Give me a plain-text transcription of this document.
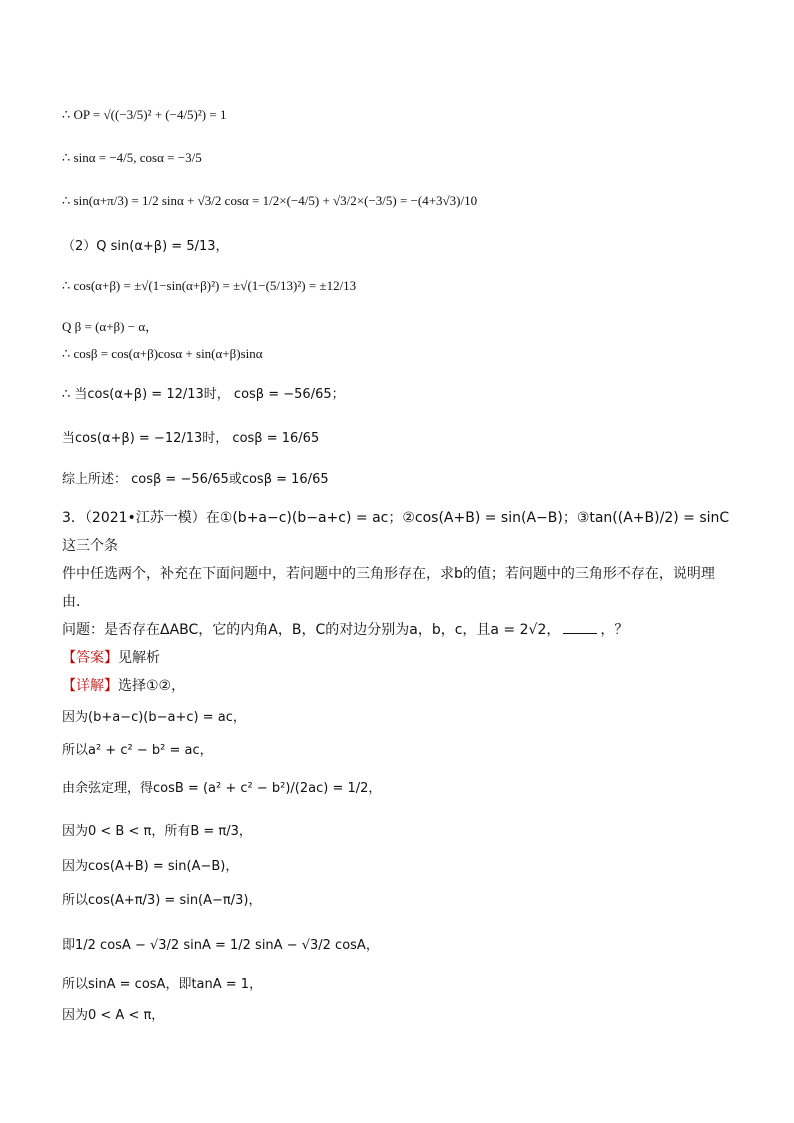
∴ OP = √((−3/5)² + (−4/5)²) = 1
∴ sinα = −4/5, cosα = −3/5
∴ sin(α+π/3) = 1/2 sinα + √3/2 cosα = 1/2×(−4/5) + √3/2×(−3/5) = −(4+3√3)/10
（2）Q sin(α+β) = 5/13，
∴ cos(α+β) = ±√(1−sin(α+β)²) = ±√(1−(5/13)²) = ±12/13
Q β = (α+β) − α，
∴ cosβ = cos(α+β)cosα + sin(α+β)sinα
∴ 当cos(α+β) = 12/13时， cosβ = −56/65；
当cos(α+β) = −12/13时， cosβ = 16/65
综上所述： cosβ = −56/65或cosβ = 16/65
3．（2021•江苏一模）在①(b+a−c)(b−a+c) = ac；②cos(A+B) = sin(A−B)；③tan((A+B)/2) = sinC这三个条
件中任选两个，补充在下面问题中，若问题中的三角形存在，求b的值；若问题中的三角形不存在，说明理
由．
问题：是否存在ΔABC，它的内角A，B，C的对边分别为a，b，c，且a = 2√2，	，？
【答案】见解析
【详解】选择①②，
因为(b+a−c)(b−a+c) = ac，
所以a² + c² − b² = ac，
由余弦定理，得cosB = (a² + c² − b²)/(2ac) = 1/2，
因为0 < B < π，所有B = π/3，
因为cos(A+B) = sin(A−B)，
所以cos(A+π/3) = sin(A−π/3)，
即1/2 cosA − √3/2 sinA = 1/2 sinA − √3/2 cosA，
所以sinA = cosA，即tanA = 1，
因为0 < A < π，
